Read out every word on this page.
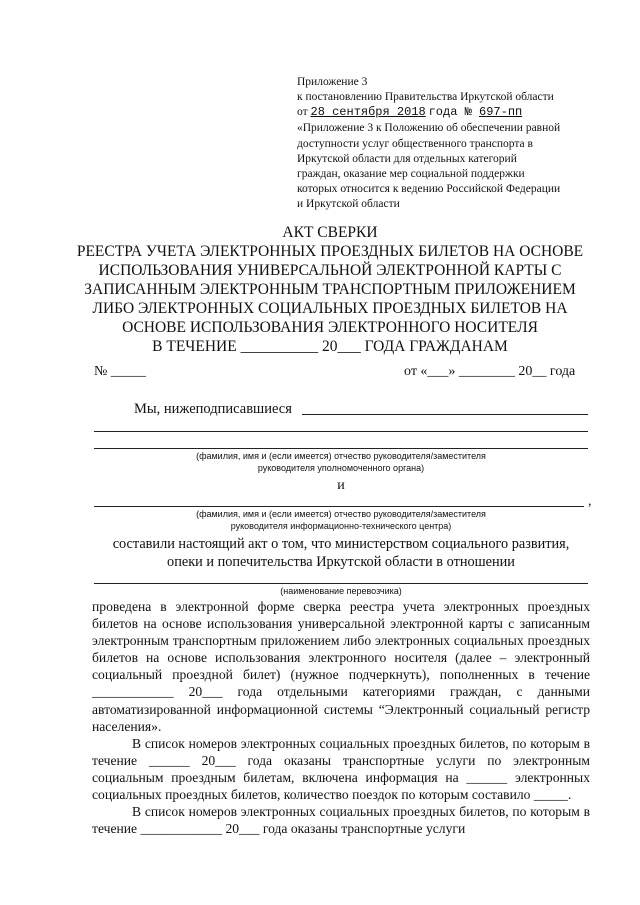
Приложение 3
к постановлению Правительства Иркутской области
от 28 сентября 2018 года № 697-пп
«Приложение 3 к Положению об обеспечении равной
доступности услуг общественного транспорта в
Иркутской области для отдельных категорий
граждан, оказание мер социальной поддержки
которых относится к ведению Российской Федерации
и Иркутской области
АКТ СВЕРКИ
РЕЕСТРА УЧЕТА ЭЛЕКТРОННЫХ ПРОЕЗДНЫХ БИЛЕТОВ НА ОСНОВЕ
ИСПОЛЬЗОВАНИЯ УНИВЕРСАЛЬНОЙ ЭЛЕКТРОННОЙ КАРТЫ С
ЗАПИСАННЫМ ЭЛЕКТРОННЫМ ТРАНСПОРТНЫМ ПРИЛОЖЕНИЕМ
ЛИБО ЭЛЕКТРОННЫХ СОЦИАЛЬНЫХ ПРОЕЗДНЫХ БИЛЕТОВ НА
ОСНОВЕ ИСПОЛЬЗОВАНИЯ ЭЛЕКТРОННОГО НОСИТЕЛЯ
В ТЕЧЕНИЕ __________ 20___ ГОДА ГРАЖДАНАМ
№ _____	от «___» ________ 20__ года
Мы, нижеподписавшиеся
(фамилия, имя и (если имеется) отчество руководителя/заместителя
руководителя уполномоченного органа)
и
,
(фамилия, имя и (если имеется) отчество руководителя/заместителя
руководителя информационно-технического центра)
составили настоящий акт о том, что министерством социального развития,
опеки и попечительства Иркутской области в отношении
(наименование перевозчика)

проведена в электронной форме сверка реестра учета электронных проездных билетов на основе использования универсальной электронной карты с записанным электронным транспортным приложением либо электронных социальных проездных билетов на основе использования электронного носителя (далее – электронный социальный проездной билет) (нужное подчеркнуть), пополненных в течение ____________ 20___ года отдельными категориями граждан, с данными автоматизированной информационной системы “Электронный социальный регистр населения».

В список номеров электронных социальных проездных билетов, по которым в течение ______ 20___ года оказаны транспортные услуги по электронным социальным проездным билетам, включена информация на ______ электронных социальных проездных билетов, количество поездок по которым составило _____.

В список номеров электронных социальных проездных билетов, по которым в течение ____________ 20___ года оказаны транспортные услуги
